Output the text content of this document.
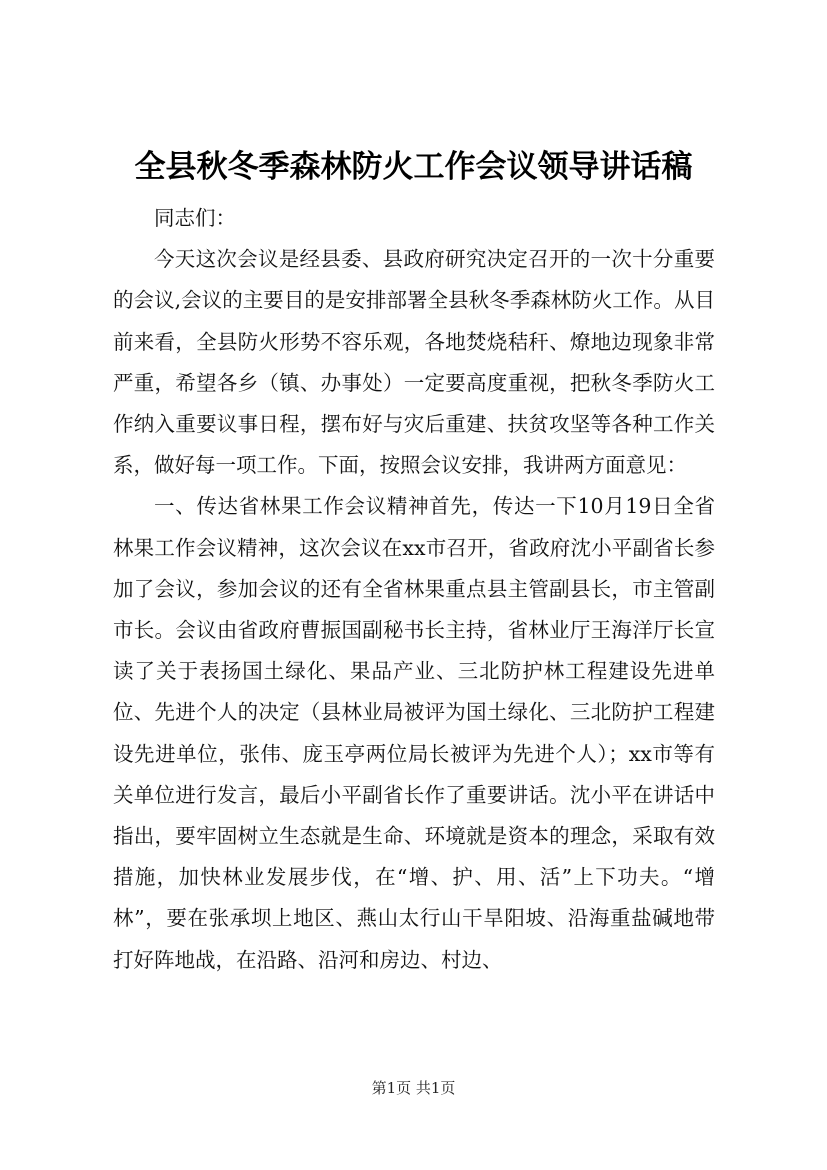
全县秋冬季森林防火工作会议领导讲话稿

同志们：

今天这次会议是经县委、县政府研究决定召开的一次十分重要的会议,会议的主要目的是安排部署全县秋冬季森林防火工作。从目前来看，全县防火形势不容乐观，各地焚烧秸秆、燎地边现象非常严重，希望各乡（镇、办事处）一定要高度重视，把秋冬季防火工作纳入重要议事日程，摆布好与灾后重建、扶贫攻坚等各种工作关系，做好每一项工作。下面，按照会议安排，我讲两方面意见：

一、传达省林果工作会议精神首先，传达一下10月19日全省林果工作会议精神，这次会议在xx市召开，省政府沈小平副省长参加了会议，参加会议的还有全省林果重点县主管副县长，市主管副市长。会议由省政府曹振国副秘书长主持，省林业厅王海洋厅长宣读了关于表扬国土绿化、果品产业、三北防护林工程建设先进单位、先进个人的决定（县林业局被评为国土绿化、三北防护工程建设先进单位，张伟、庞玉亭两位局长被评为先进个人）；xx市等有关单位进行发言，最后小平副省长作了重要讲话。沈小平在讲话中指出，要牢固树立生态就是生命、环境就是资本的理念，采取有效措施，加快林业发展步伐，在“增、护、用、活”上下功夫。“增林”，要在张承坝上地区、燕山太行山干旱阳坡、沿海重盐碱地带打好阵地战，在沿路、沿河和房边、村边、

第1页 共1页
